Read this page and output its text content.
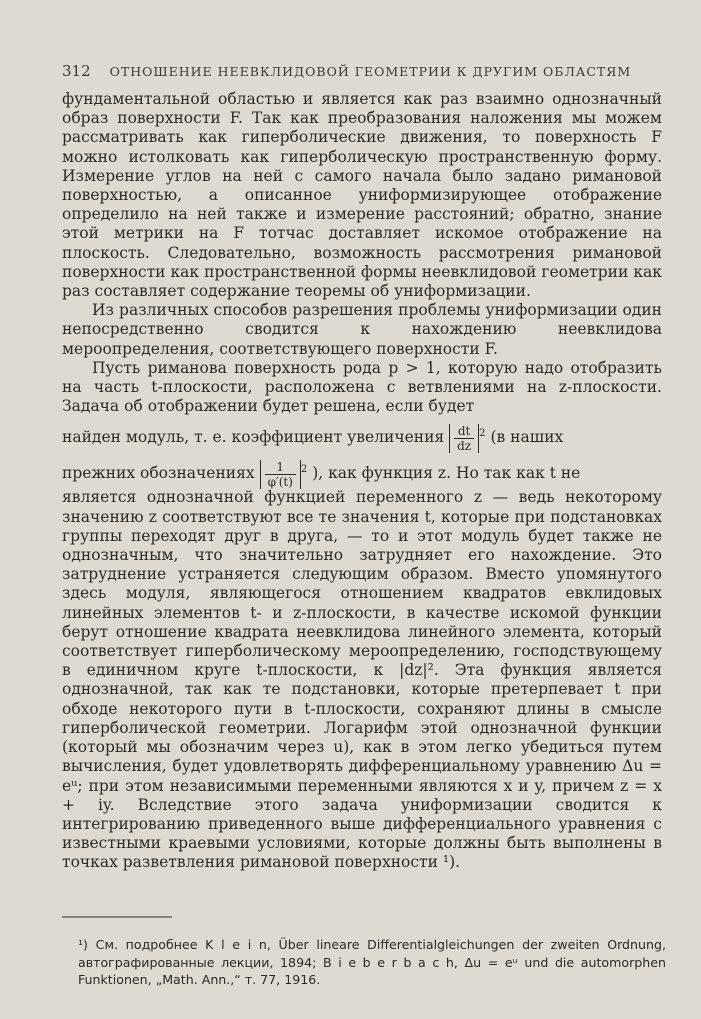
312 ОТНОШЕНИЕ НЕЕВКЛИДОВОЙ ГЕОМЕТРИИ К ДРУГИМ ОБЛАСТЯМ

фундаментальной областью и является как раз взаимно однозначный образ поверхности F. Так как преобразования наложения мы можем рассматривать как гиперболические движения, то поверхность F можно истолковать как гиперболическую пространственную форму. Измерение углов на ней с самого начала было задано римановой поверхностью, а описанное униформизирующее отображение определило на ней также и измерение расстояний; обратно, знание этой метрики на F тотчас доставляет искомое отображение на плоскость. Следовательно, возможность рассмотрения римановой поверхности как пространственной формы неевклидовой геометрии как раз составляет содержание теоремы об униформизации.

Из различных способов разрешения проблемы униформизации один непосредственно сводится к нахождению неевклидова мероопределения, соответствующего поверхности F.

Пусть риманова поверхность рода p > 1, которую надо отобразить на часть t-плоскости, расположена с ветвлениями на z-плоскости. Задача об отображении будет решена, если будет

найден модуль, т. е. коэффициент увеличения $\frac{dt}{dz} ^2$ (в наших
прежних обозначениях $\frac{1}{\varphi'(t)} ^2$ ), как функция z. Но так как t не

является однозначной функцией переменного z — ведь некоторому значению z соответствуют все те значения t, которые при подстановках группы переходят друг в друга, — то и этот модуль будет также не однозначным, что значительно затрудняет его нахождение. Это затруднение устраняется следующим образом. Вместо упомянутого здесь модуля, являющегося отношением квадратов евклидовых линейных элементов t- и z-плоскости, в качестве искомой функции берут отношение квадрата неевклидова линейного элемента, который соответствует гиперболическому мероопределению, господствующему в единичном круге t-плоскости, к |dz|². Эта функция является однозначной, так как те подстановки, которые претерпевает t при обходе некоторого пути в t-плоскости, сохраняют длины в смысле гиперболической геометрии. Логарифм этой однозначной функции (который мы обозначим через u), как в этом легко убедиться путем вычисления, будет удовлетворять дифференциальному уравнению Δu = eᵘ; при этом независимыми переменными являются x и y, причем z = x + iy. Вследствие этого задача униформизации сводится к интегрированию приведенного выше дифференциального уравнения с известными краевыми условиями, которые должны быть выполнены в точках разветвления римановой поверхности ¹).

¹) См. подробнее K l e i n, Über lineare Differentialgleichungen der zweiten Ordnung, автографированные лекции, 1894; B i e b e r b a c h, Δu = eᵘ und die automorphen Funktionen, „Math. Ann.,“ т. 77, 1916.
